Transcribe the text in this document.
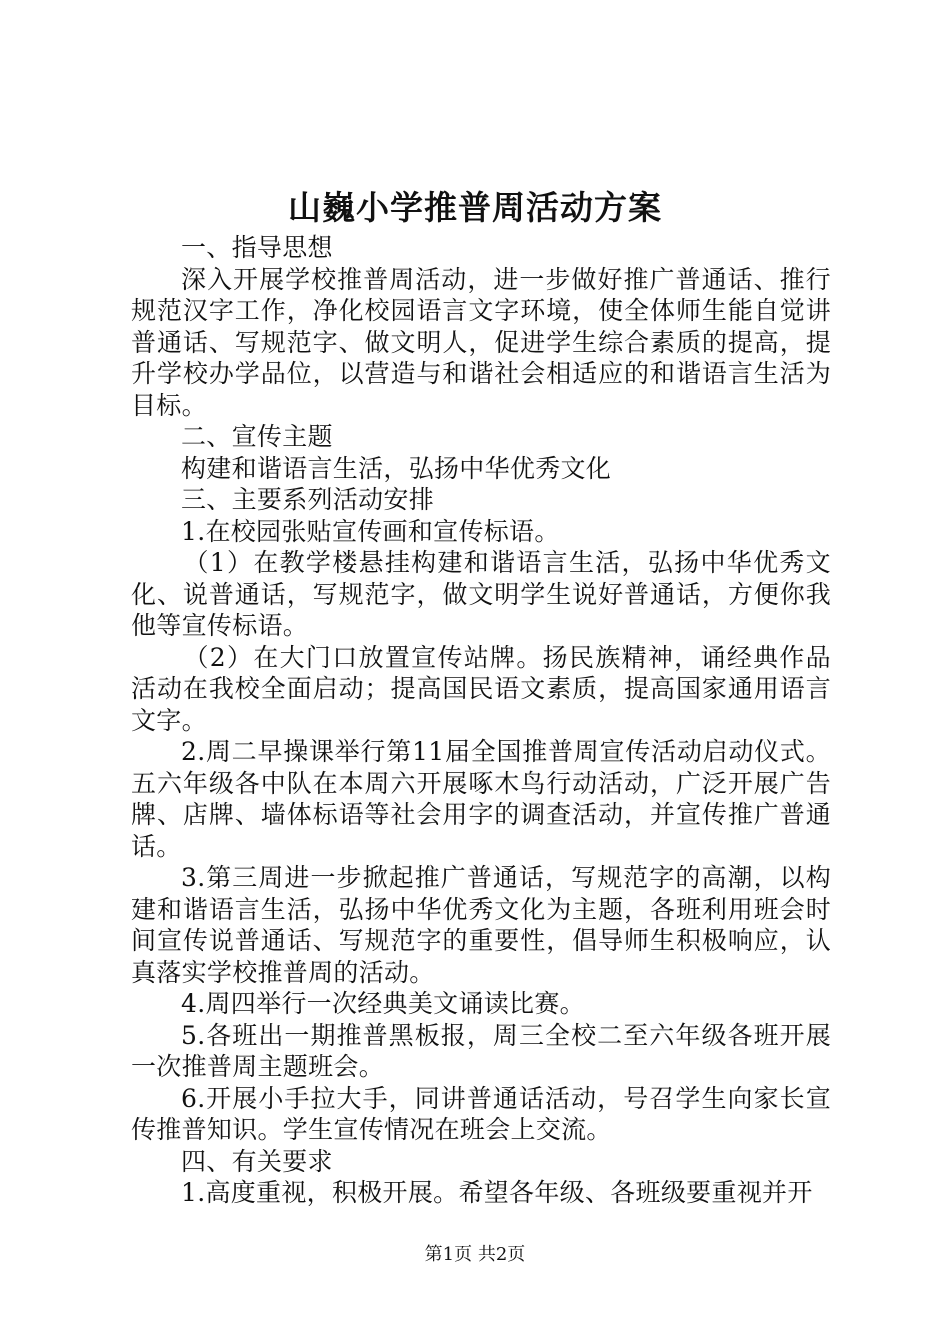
山巍小学推普周活动方案

一、指导思想

深入开展学校推普周活动，进一步做好推广普通话、推行规范汉字工作，净化校园语言文字环境，使全体师生能自觉讲普通话、写规范字、做文明人，促进学生综合素质的提高，提升学校办学品位，以营造与和谐社会相适应的和谐语言生活为目标。

二、宣传主题

构建和谐语言生活，弘扬中华优秀文化

三、主要系列活动安排

1.在校园张贴宣传画和宣传标语。

（1）在教学楼悬挂构建和谐语言生活，弘扬中华优秀文化、说普通话，写规范字，做文明学生说好普通话，方便你我他等宣传标语。

（2）在大门口放置宣传站牌。扬民族精神，诵经典作品活动在我校全面启动；提高国民语文素质，提高国家通用语言文字。

2.周二早操课举行第11届全国推普周宣传活动启动仪式。五六年级各中队在本周六开展啄木鸟行动活动，广泛开展广告牌、店牌、墙体标语等社会用字的调查活动，并宣传推广普通话。

3.第三周进一步掀起推广普通话，写规范字的高潮，以构建和谐语言生活，弘扬中华优秀文化为主题，各班利用班会时间宣传说普通话、写规范字的重要性，倡导师生积极响应，认真落实学校推普周的活动。

4.周四举行一次经典美文诵读比赛。

5.各班出一期推普黑板报，周三全校二至六年级各班开展一次推普周主题班会。

6.开展小手拉大手，同讲普通话活动，号召学生向家长宣传推普知识。学生宣传情况在班会上交流。

四、有关要求

1.高度重视，积极开展。希望各年级、各班级要重视并开

第1页 共2页
